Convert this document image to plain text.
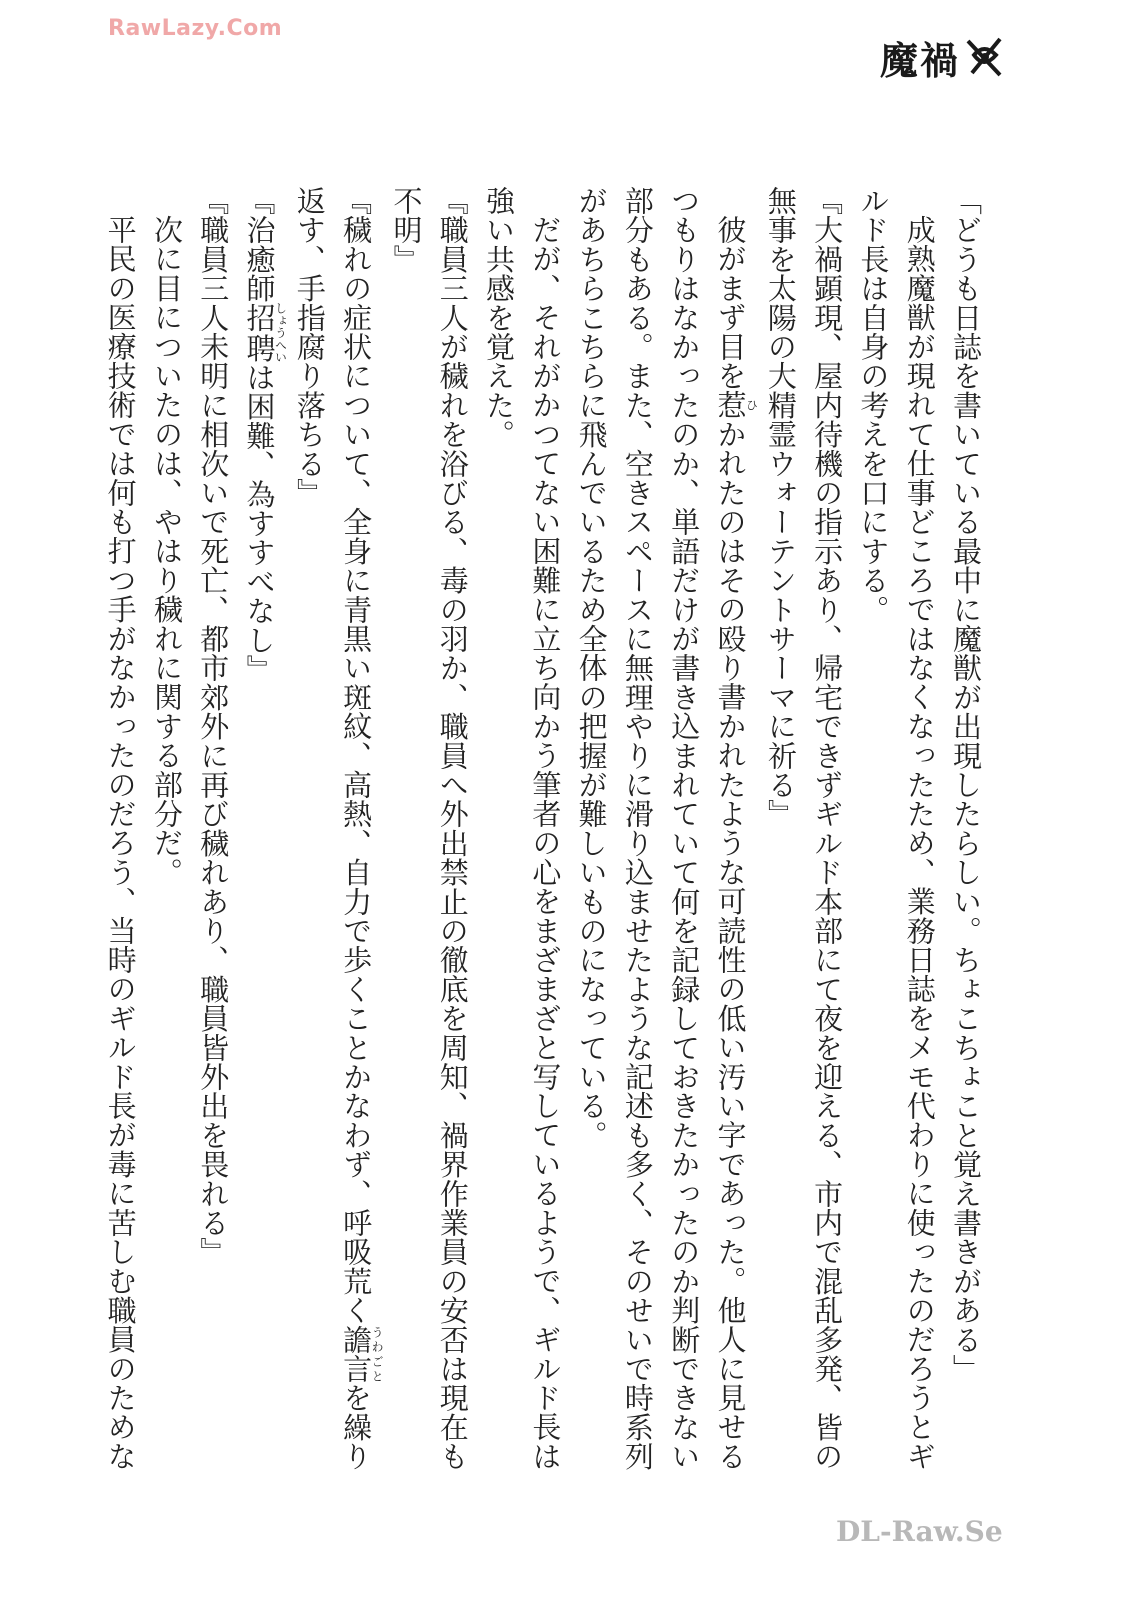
RawLazy.Com
魔禍
「どうも日誌を書いている最中に魔獣が出現したらしい。ちょこちょこと覚え書きがある」
成熟魔獣が現れて仕事どころではなくなったため、業務日誌をメモ代わりに使ったのだろうとギ
ルド長は自身の考えを口にする。
『大禍顕現、屋内待機の指示あり、帰宅できずギルド本部にて夜を迎える、市内で混乱多発、皆の
無事を太陽の大精霊ウォーテントサーマに祈る』
彼がまず目を惹ひかれたのはその殴り書かれたような可読性の低い汚い字であった。他人に見せる
つもりはなかったのか、単語だけが書き込まれていて何を記録しておきたかったのか判断できない
部分もある。また、空きスペースに無理やりに滑り込ませたような記述も多く、そのせいで時系列
があちらこちらに飛んでいるため全体の把握が難しいものになっている。
だが、それがかつてない困難に立ち向かう筆者の心をまざまざと写しているようで、ギルド長は
強い共感を覚えた。
『職員三人が穢れを浴びる、毒の羽か、職員へ外出禁止の徹底を周知、禍界作業員の安否は現在も
不明』
『穢れの症状について、全身に青黒い斑紋、高熱、自力で歩くことかなわず、呼吸荒く譫言うわごとを繰り
返す、手指腐り落ちる』
『治癒師招聘しょうへいは困難、為すすべなし』
『職員三人未明に相次いで死亡、都市郊外に再び穢れあり、職員皆外出を畏れる』
次に目についたのは、やはり穢れに関する部分だ。
平民の医療技術では何も打つ手がなかったのだろう、当時のギルド長が毒に苦しむ職員のためな
DL-Raw.Se
